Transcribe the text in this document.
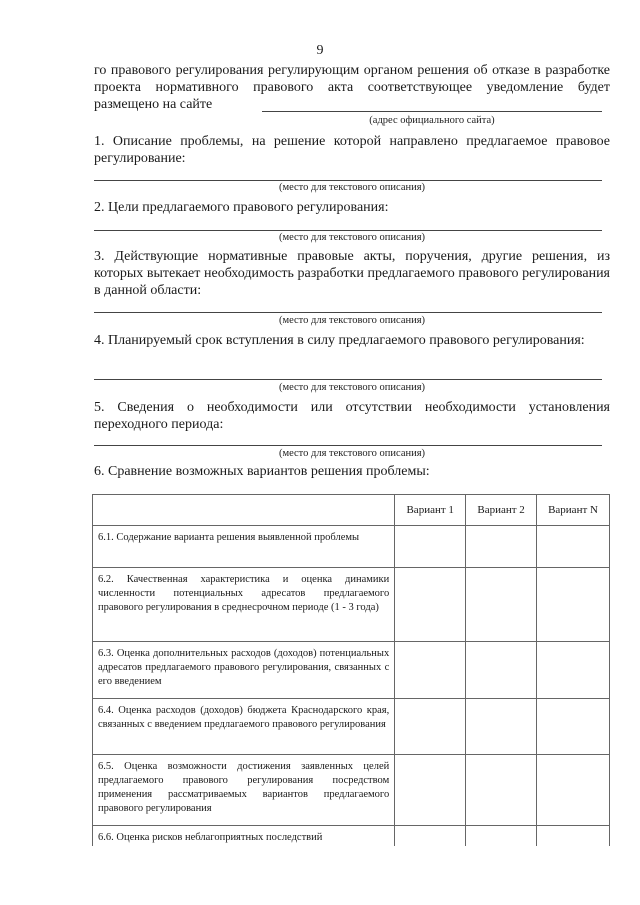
9
го правового регулирования регулирующим органом решения об отказе в разработке проекта нормативного правового акта соответствующее уведомление будет размещено на сайте
(адрес официального сайта)
1. Описание проблемы, на решение которой направлено предлагаемое правовое регулирование:
(место для текстового описания)
2. Цели предлагаемого правового регулирования:
(место для текстового описания)
3. Действующие нормативные правовые акты, поручения, другие решения, из которых вытекает необходимость разработки предлагаемого правового регулирования в данной области:
(место для текстового описания)
4. Планируемый срок вступления в силу предлагаемого правового регулирования:
(место для текстового описания)
5. Сведения о необходимости или отсутствии необходимости установления переходного периода:
(место для текстового описания)
6. Сравнение возможных вариантов решения проблемы:
	Вариант 1	Вариант 2	Вариант N
6.1. Содержание варианта решения выявленной проблемы			
6.2. Качественная характеристика и оценка динамики численности потенциальных адресатов предлагаемого правового регулирования в среднесрочном периоде (1 - 3 года)			
6.3. Оценка дополнительных расходов (доходов) потенциальных адресатов предлагаемого правового регулирования, связанных с его введением			
6.4. Оценка расходов (доходов) бюджета Краснодарского края, связанных с введением предлагаемого правового регулирования			
6.5. Оценка возможности достижения заявленных целей предлагаемого правового регулирования посредством применения рассматриваемых вариантов предлагаемого правового регулирования			
6.6. Оценка рисков неблагоприятных последствий			
